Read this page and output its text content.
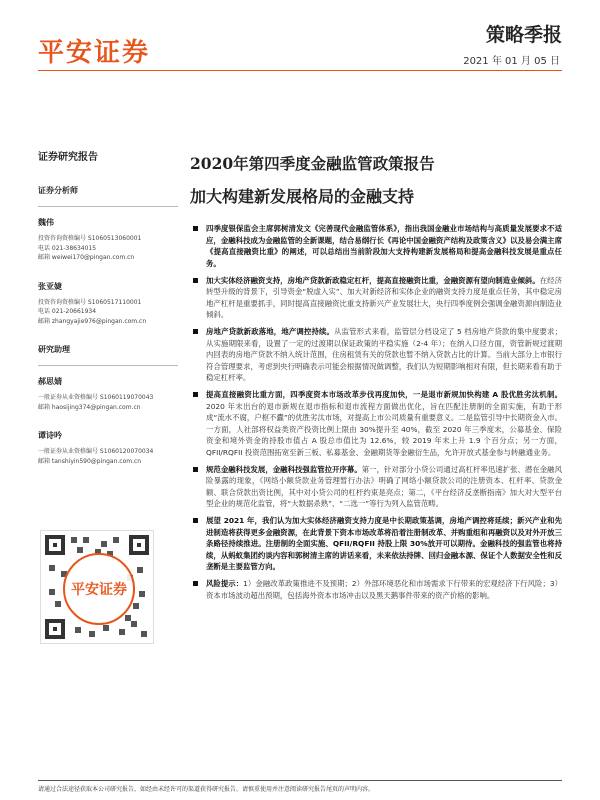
平安证券
策略季报
2021 年 01 月 05 日
证券研究报告
证券分析师
魏伟
投资咨询资格编号 S1060513060001
电话 021-38634015
邮箱 weiwei170@pingan.com.cn
张亚婕
投资咨询资格编号 S1060517110001
电话 021-20661934
邮箱 zhangyajie976@pingan.com.cn
研究助理
郝思婧
一般证券从业资格编号 S1060119070043
邮箱 haosijing374@pingan.com.cn
谭诗吟
一般证券从业资格编号 S1060120070034
邮箱 tanshiyin590@pingan.com.cn
平安证券
2020年第四季度金融监管政策报告
加大构建新发展格局的金融支持
四季度银保监会主席郭树清发文《完善现代金融监管体系》，指出我国金融业市场结构与高质量发展要求不适应，金融科技成为金融监管的全新课题，结合易纲行长《再论中国金融资产结构及政策含义》以及易会满主席《提高直接融资比重》的阐述，可以总结出当前阶段加大支持构建新发展格局和提高金融科技发展是重点任务。
加大实体经济融资支持，房地产贷款新政稳定杠杆，提高直接融资比重，金融资源有望向制造业倾斜。在经济转型升级的背景下，引导资金“脱虚入实”、加大对新经济和实体企业的融资支持力度是重点任务，其中稳定房地产杠杆是重要抓手，同时提高直接融资比重支持新兴产业发展壮大，央行四季度例会强调金融资源向制造业倾斜。
房地产贷款新政落地，地产调控持续。从监管形式来看，监管层分档设定了 5 档房地产贷款的集中度要求；从实施期限来看，设置了一定的过渡期以保证政策的平稳实施（2-4 年）；在纳入口径方面，资管新规过渡期内回表的房地产贷款不纳入统计范围，住房租赁有关的贷款也暂不纳入贷款占比的计算。当前大部分上市银行符合管理要求，考虑到央行明确表示可能会根据情况做调整，我们认为短期影响相对有限，但长期来看有助于稳定杠杆率。
提高直接融资比重方面，四季度资本市场改革步伐再度加快，一是退市新规加快构建 A 股优胜劣汰机制。2020 年末出台的退市新规在退市指标和退市流程方面做出优化，旨在匹配注册制的全面实施，有助于形成“流水不腐，户枢不蠹”的优胜劣汰市场，对提高上市公司质量有重要意义。二是监管引导中长期资金入市。一方面，人社部将权益类资产投资比例上限由 30%提升至 40%，截至 2020 年三季度末，公募基金、保险资金和境外资金的持股市值占 A 股总市值比为 12.6%，较 2019 年末上升 1.9 个百分点；另一方面，QFII/RQFII 投资范围拓宽至新三板、私募基金、金融期货等金融衍生品，允许开放式基金参与转融通业务。
规范金融科技发展，金融科技强监管拉开序幕。第一，针对部分小贷公司通过高杠杆率迅速扩张、潜在金融风险暴露的现象，《网络小额贷款业务管理暂行办法》明确了网络小额贷款公司的注册资本、杠杆率、贷款金额、联合贷款出资比例，其中对小贷公司的杠杆约束是亮点；第二，《平台经济反垄断指南》加大对大型平台型企业的规范化监管，将“大数据杀熟”、“二选一”等行为列入监管范畴。
展望 2021 年，我们认为加大实体经济融资支持力度是中长期政策基调，房地产调控将延续；新兴产业和先进制造将获得更多金融资源，在此背景下资本市场改革将沿着注册制改革、并购重组和再融资以及对外开放三条路径持续推进。注册制的全面实施、QFII/RQFII 持股上限 30%放开可以期待。金融科技的强监管也将持续，从蚂蚁集团约谈内容和郭树清主席的讲话来看，未来依法持牌、回归金融本源、保证个人数据安全性和反垄断是主要监管方向。
风险提示：1）金融改革政策推进不及预期；2）外部环境恶化和市场需求下行带来的宏观经济下行风险；3）资本市场波动超出预期，包括海外资本市场冲击以及黑天鹅事件带来的资产价格的影响。
请通过合法途径获取本公司研究报告，如经由未经许可的渠道获得研究报告，请慎重使用并注意阅读研究报告尾页的声明内容。
